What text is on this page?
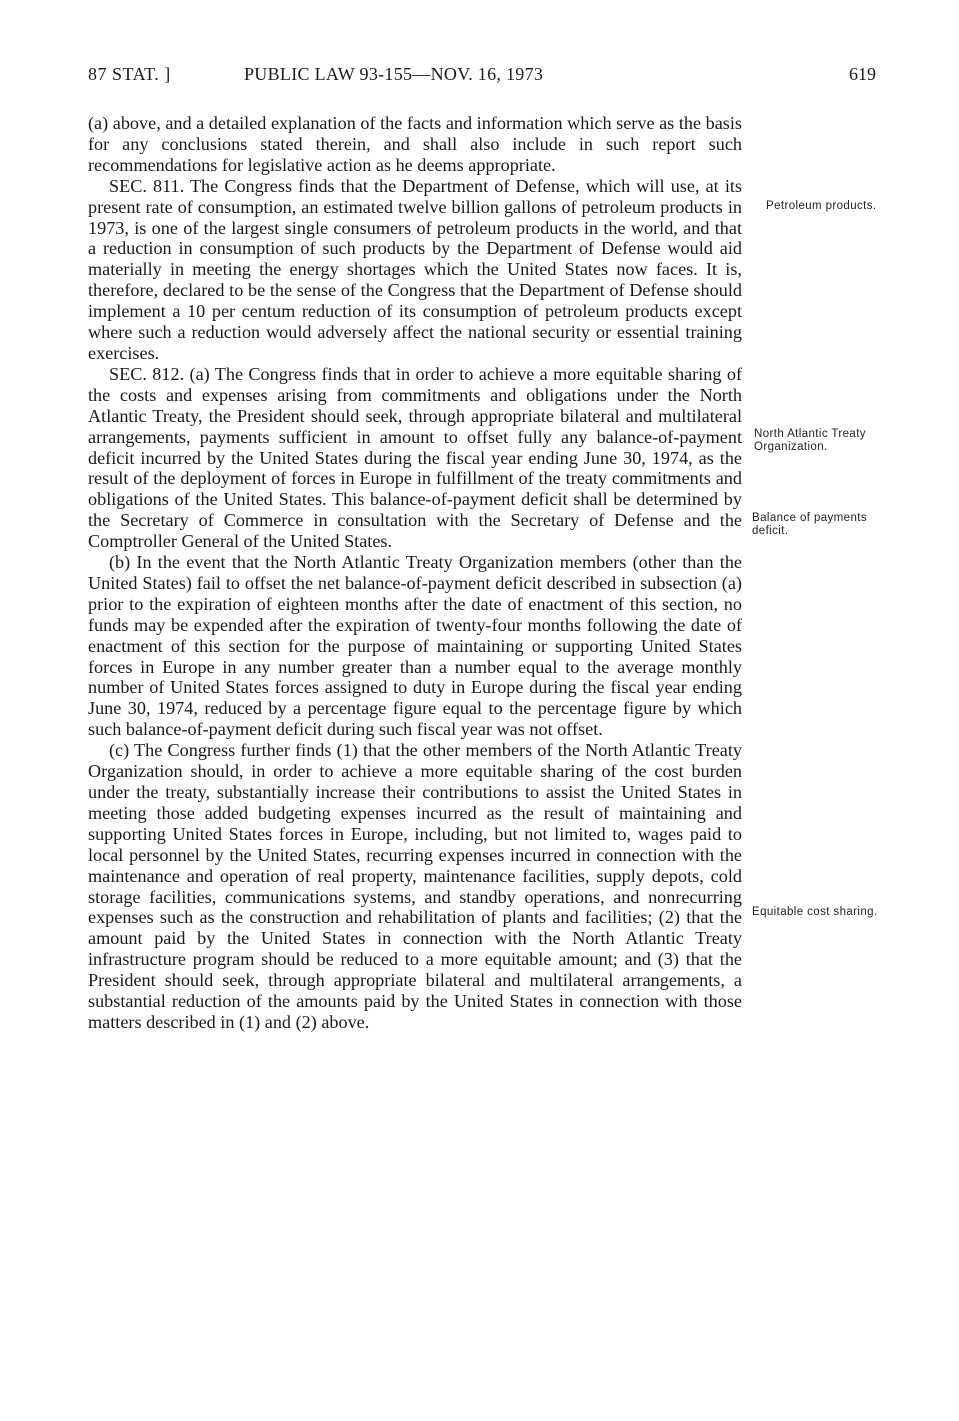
87 STAT. ]	PUBLIC LAW 93-155—NOV. 16, 1973	619

(a) above, and a detailed explanation of the facts and information which serve as the basis for any conclusions stated therein, and shall also include in such report such recommendations for legislative action as he deems appropriate.

SEC. 811. The Congress finds that the Department of Defense, which will use, at its present rate of consumption, an estimated twelve billion gallons of petroleum products in 1973, is one of the largest single consumers of petroleum products in the world, and that a reduction in consumption of such products by the Department of Defense would aid materially in meeting the energy shortages which the United States now faces. It is, therefore, declared to be the sense of the Congress that the Department of Defense should implement a 10 per centum reduction of its consumption of petroleum products except where such a reduction would adversely affect the national security or essential training exercises.

SEC. 812. (a) The Congress finds that in order to achieve a more equitable sharing of the costs and expenses arising from commitments and obligations under the North Atlantic Treaty, the President should seek, through appropriate bilateral and multilateral arrangements, payments sufficient in amount to offset fully any balance-of-payment deficit incurred by the United States during the fiscal year ending June 30, 1974, as the result of the deployment of forces in Europe in fulfillment of the treaty commitments and obligations of the United States. This balance-of-payment deficit shall be determined by the Secretary of Commerce in consultation with the Secretary of Defense and the Comptroller General of the United States.

(b) In the event that the North Atlantic Treaty Organization members (other than the United States) fail to offset the net balance-of-payment deficit described in subsection (a) prior to the expiration of eighteen months after the date of enactment of this section, no funds may be expended after the expiration of twenty-four months following the date of enactment of this section for the purpose of maintaining or supporting United States forces in Europe in any number greater than a number equal to the average monthly number of United States forces assigned to duty in Europe during the fiscal year ending June 30, 1974, reduced by a percentage figure equal to the percentage figure by which such balance-of-payment deficit during such fiscal year was not offset.

(c) The Congress further finds (1) that the other members of the North Atlantic Treaty Organization should, in order to achieve a more equitable sharing of the cost burden under the treaty, substantially increase their contributions to assist the United States in meeting those added budgeting expenses incurred as the result of maintaining and supporting United States forces in Europe, including, but not limited to, wages paid to local personnel by the United States, recurring expenses incurred in connection with the maintenance and operation of real property, maintenance facilities, supply depots, cold storage facilities, communications systems, and standby operations, and nonrecurring expenses such as the construction and rehabilitation of plants and facilities; (2) that the amount paid by the United States in connection with the North Atlantic Treaty infrastructure program should be reduced to a more equitable amount; and (3) that the President should seek, through appropriate bilateral and multilateral arrangements, a substantial reduction of the amounts paid by the United States in connection with those matters described in (1) and (2) above.

Petroleum products.
North Atlantic Treaty Organization.
Balance of payments deficit.
Equitable cost sharing.
